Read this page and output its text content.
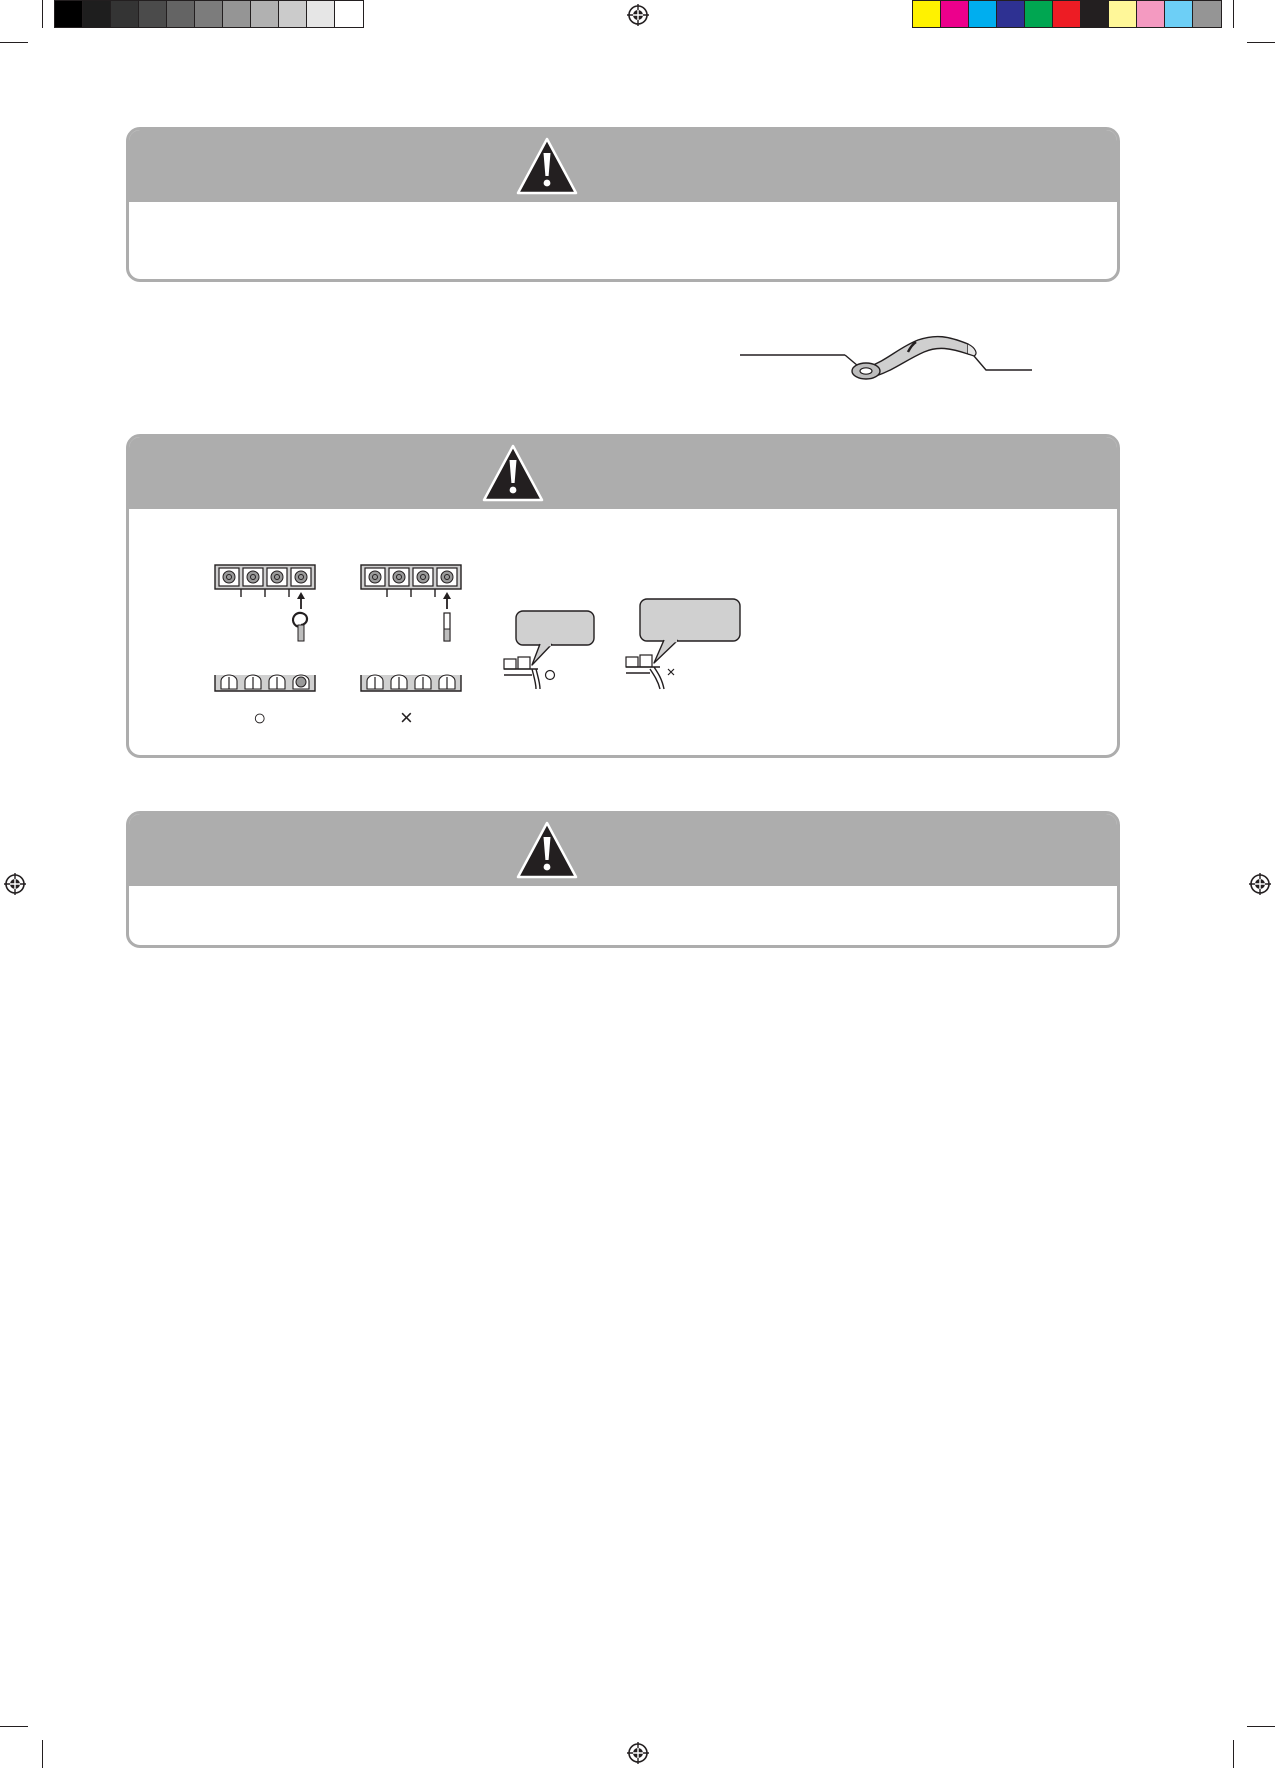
○	×
